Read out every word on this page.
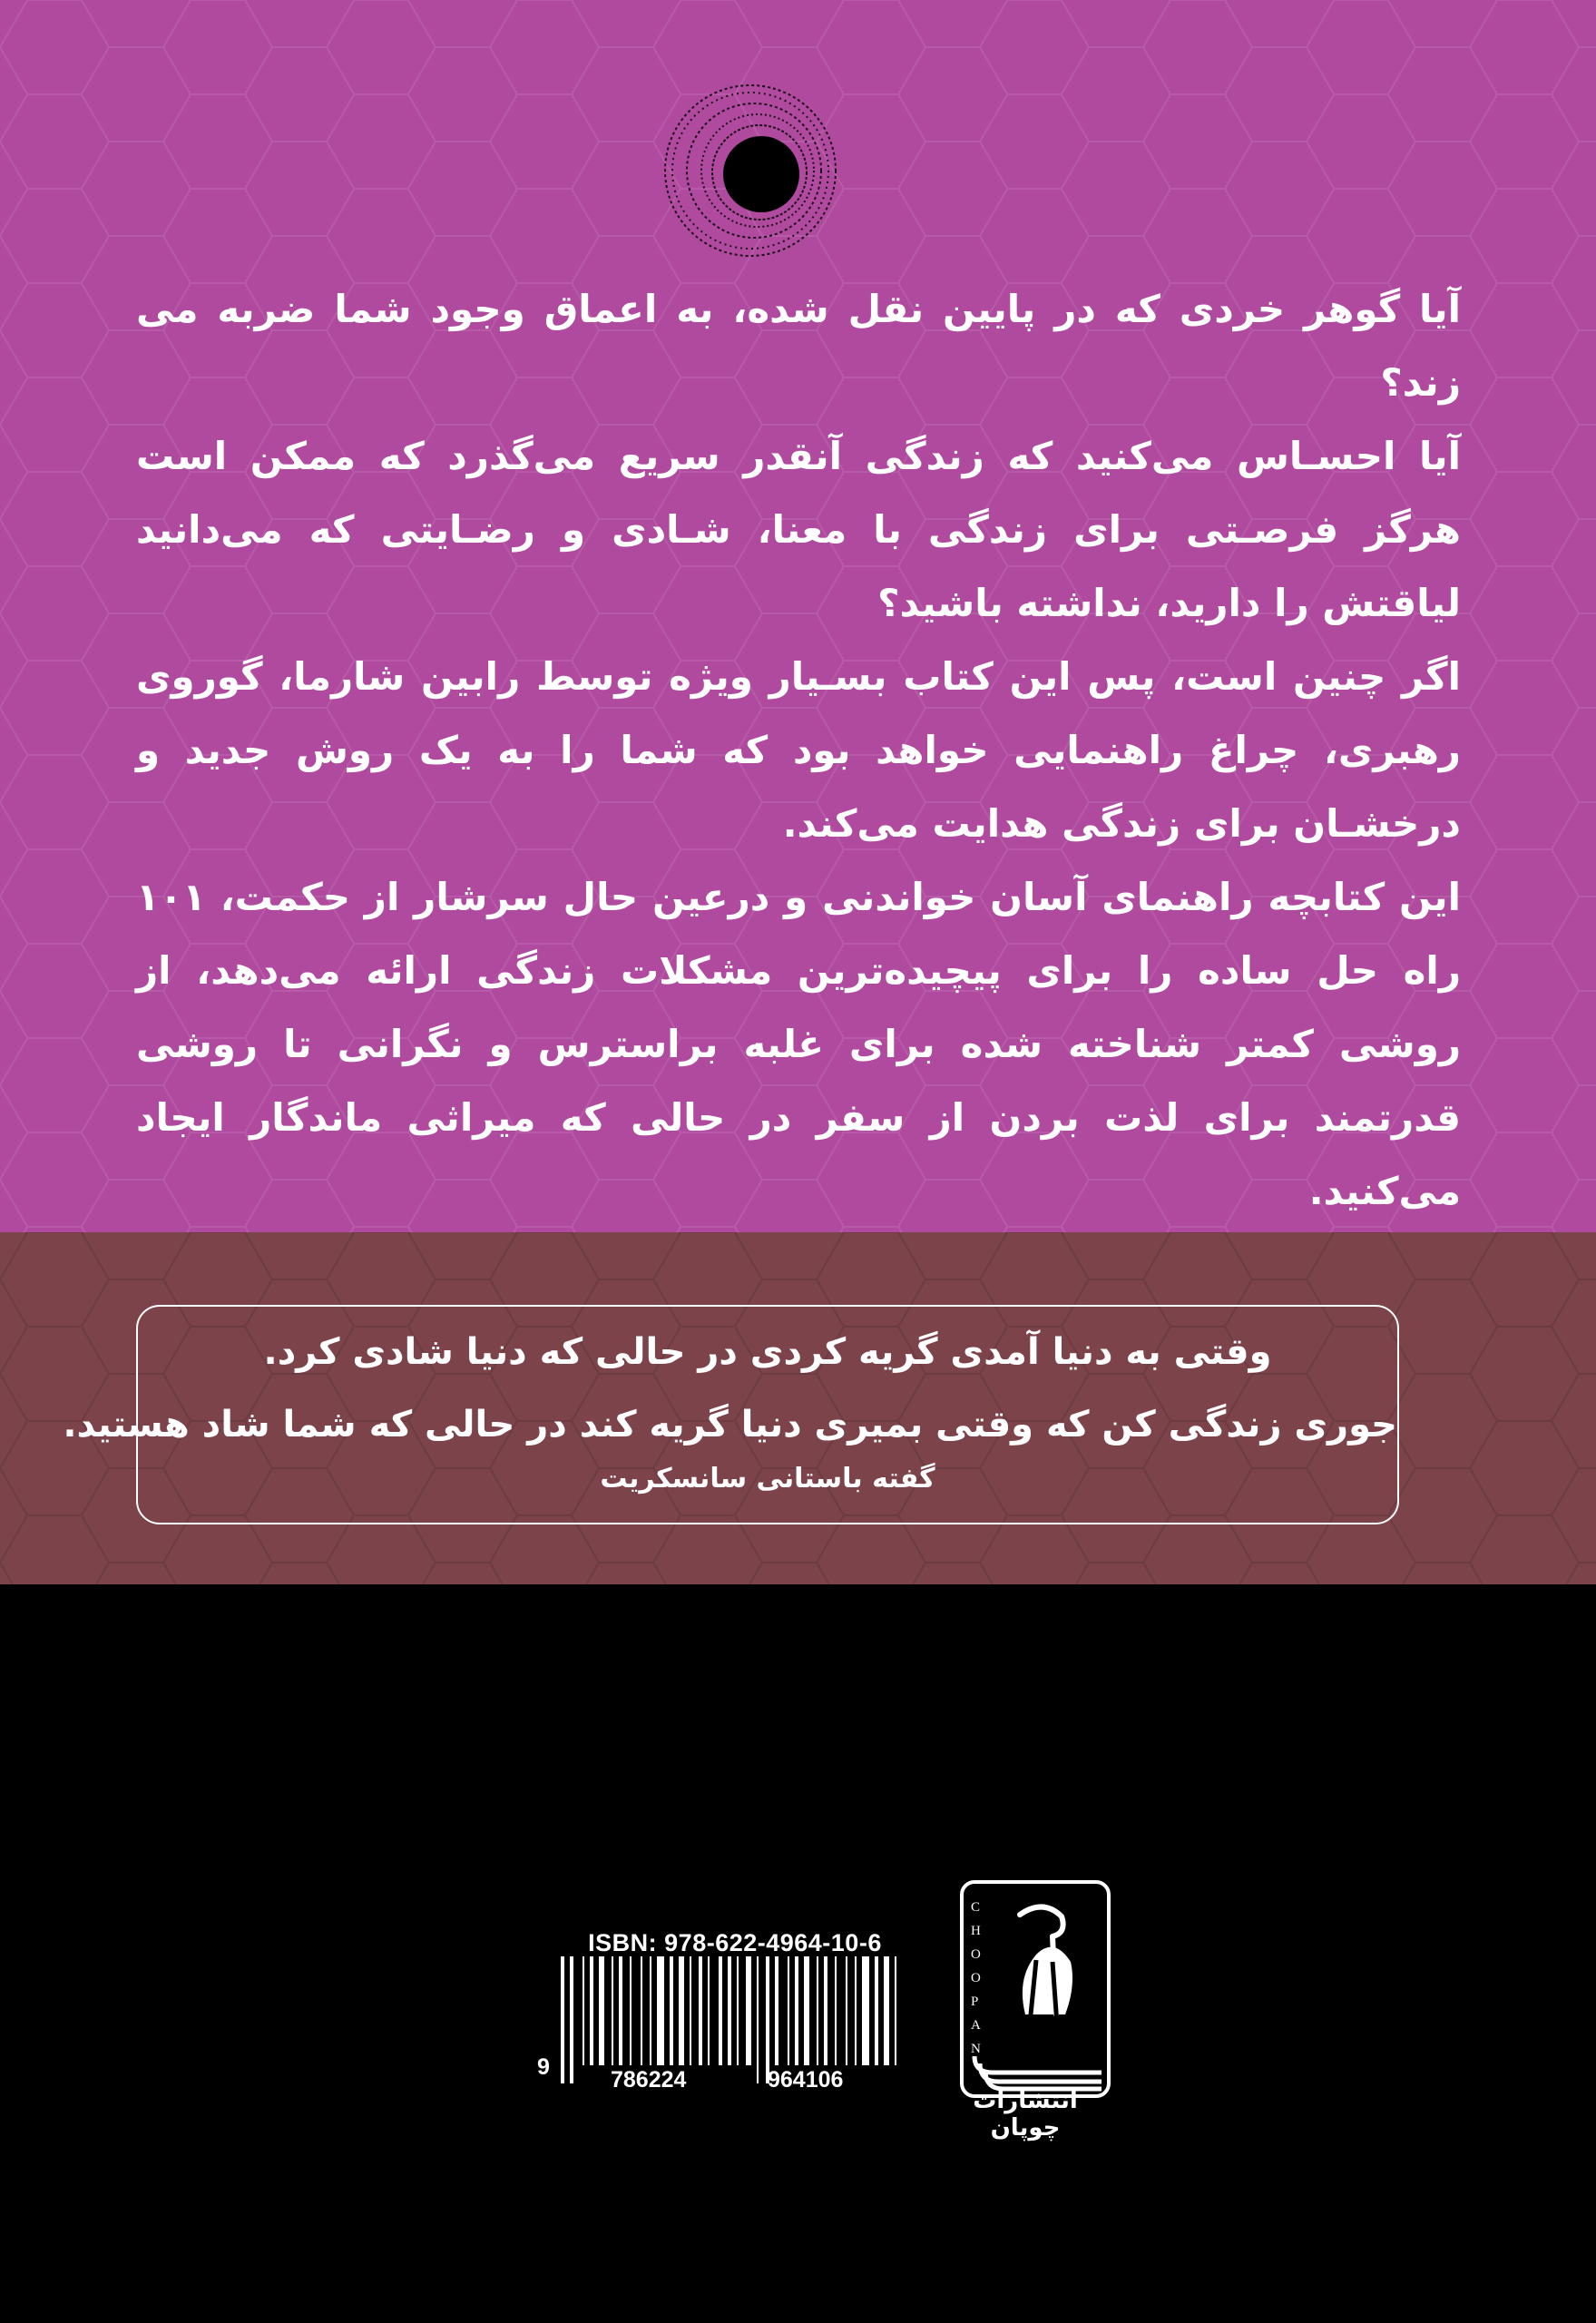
آیا گوهر خردی که در پایین نقل شده، به اعماق وجود شما ضربه می زند؟

آیا احسـاس می‌کنید که زندگی آنقدر سریع می‌گذرد که ممکن است هرگز فرصـتی برای زندگی با معنا، شـادی و رضـایتی که می‌دانید لیاقتش را دارید، نداشته باشید؟

اگر چنین است، پس این کتاب بسـیار ویژه توسط رابین شارما، گوروی رهبری، چراغ راهنمایی خواهد بود که شما را به یک روش جدید و درخشـان برای زندگی هدایت می‌کند.

این کتابچه راهنمای آسان خواندنی و درعین حال سرشار از حکمت، ۱۰۱ راه حل ساده را برای پیچیده‌ترین مشکلات زندگی ارائه می‌دهد، از روشی کمتر شناخته شده برای غلبه براسترس و نگرانی تا روشی قدرتمند برای لذت بردن از سفر در حالی که میراثی ماندگار ایجاد می‌کنید.

وقتی به دنیا آمدی گریه کردی در حالی که دنیا شادی کرد.
جوری زندگی کن که وقتی بمیری دنیا گریه کند در حالی که شما شاد هستید.
گفته باستانی سانسکریت
ISBN: 978-622-4964-10-6
9	786224	964106
C H O O P A N
انتشارات چوپان
